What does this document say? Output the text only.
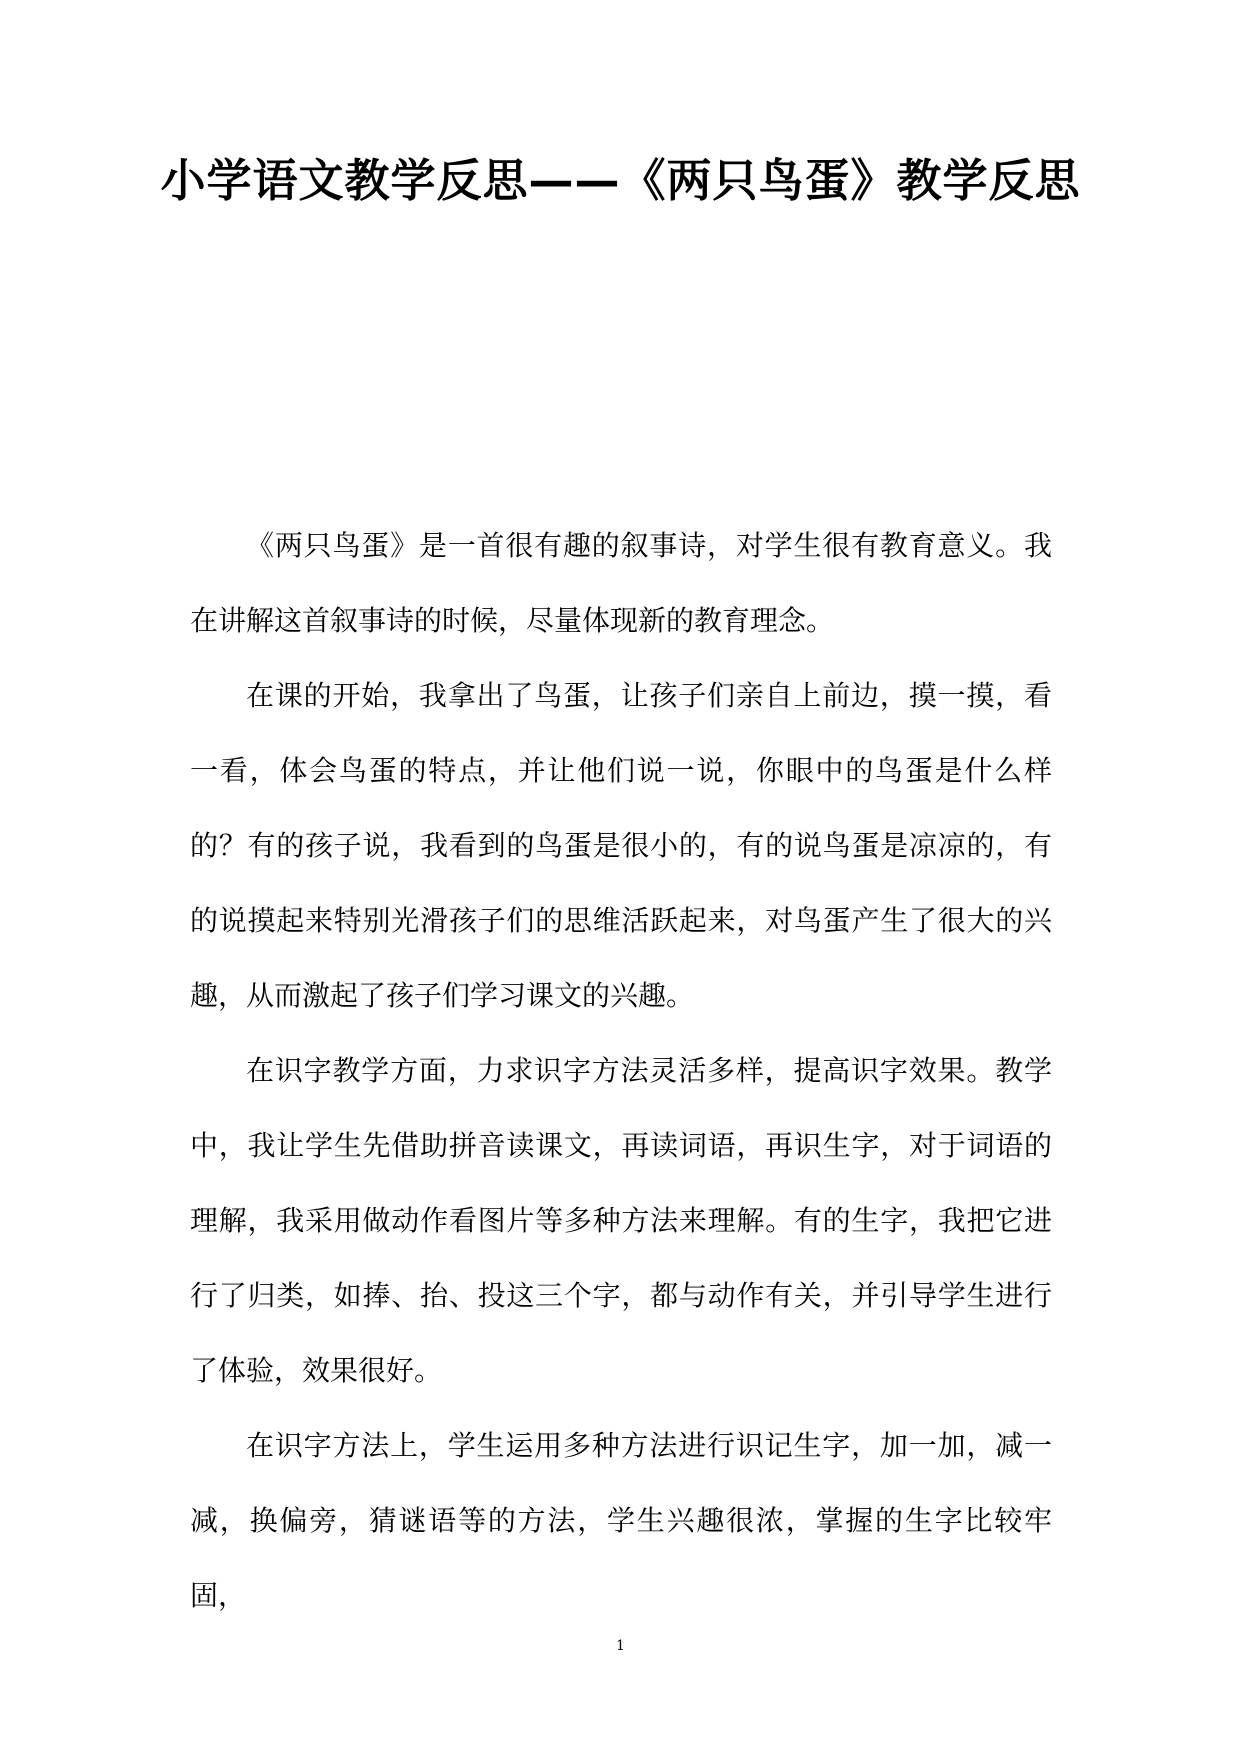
小学语文教学反思——《两只鸟蛋》教学反思

《两只鸟蛋》是一首很有趣的叙事诗，对学生很有教育意义。我在讲解这首叙事诗的时候，尽量体现新的教育理念。

在课的开始，我拿出了鸟蛋，让孩子们亲自上前边，摸一摸，看一看，体会鸟蛋的特点，并让他们说一说，你眼中的鸟蛋是什么样的？有的孩子说，我看到的鸟蛋是很小的，有的说鸟蛋是凉凉的，有的说摸起来特别光滑孩子们的思维活跃起来，对鸟蛋产生了很大的兴趣，从而激起了孩子们学习课文的兴趣。

在识字教学方面，力求识字方法灵活多样，提高识字效果。教学中，我让学生先借助拼音读课文，再读词语，再识生字，对于词语的理解，我采用做动作看图片等多种方法来理解。有的生字，我把它进行了归类，如捧、抬、投这三个字，都与动作有关，并引导学生进行了体验，效果很好。

在识字方法上，学生运用多种方法进行识记生字，加一加，减一减，换偏旁，猜谜语等的方法，学生兴趣很浓，掌握的生字比较牢固，

1
